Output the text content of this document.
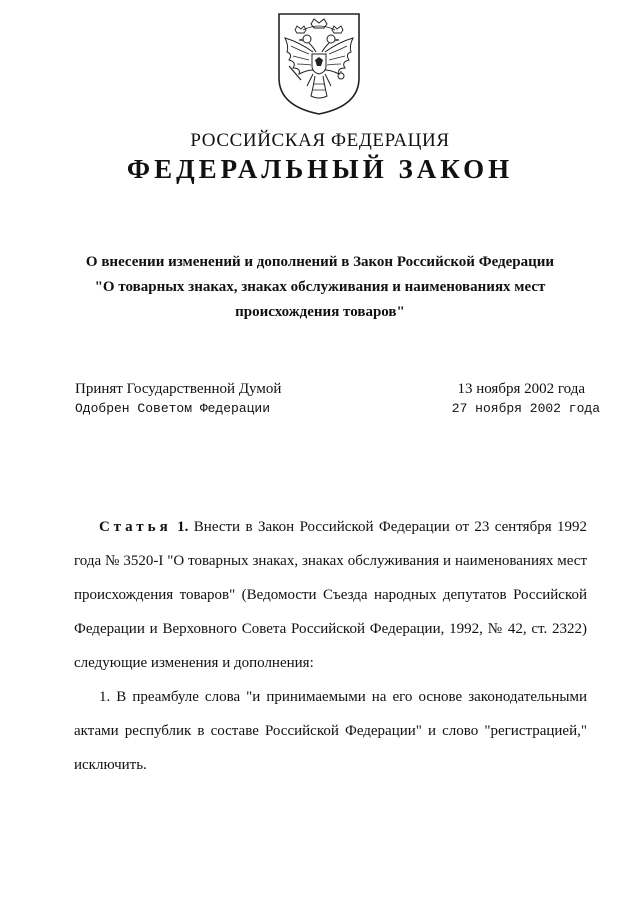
РОССИЙСКАЯ ФЕДЕРАЦИЯ
ФЕДЕРАЛЬНЫЙ ЗАКОН
О внесении изменений и дополнений в Закон Российской Федерации
"О товарных знаках, знаках обслуживания и наименованиях мест
происхождения товаров"
Принят Государственной Думой	13 ноября 2002 года
Одобрен Советом Федерации	27 ноября 2002 года

Статья 1. Внести в Закон Российской Федерации от 23 сентября 1992 года № 3520-I "О товарных знаках, знаках обслуживания и наименованиях мест происхождения товаров" (Ведомости Съезда народных депутатов Российской Федерации и Верховного Совета Российской Федерации, 1992, № 42, ст. 2322) следующие изменения и дополнения:

1. В преамбуле слова "и принимаемыми на его основе законодательными актами республик в составе Российской Федерации" и слово "регистрацией," исключить.
